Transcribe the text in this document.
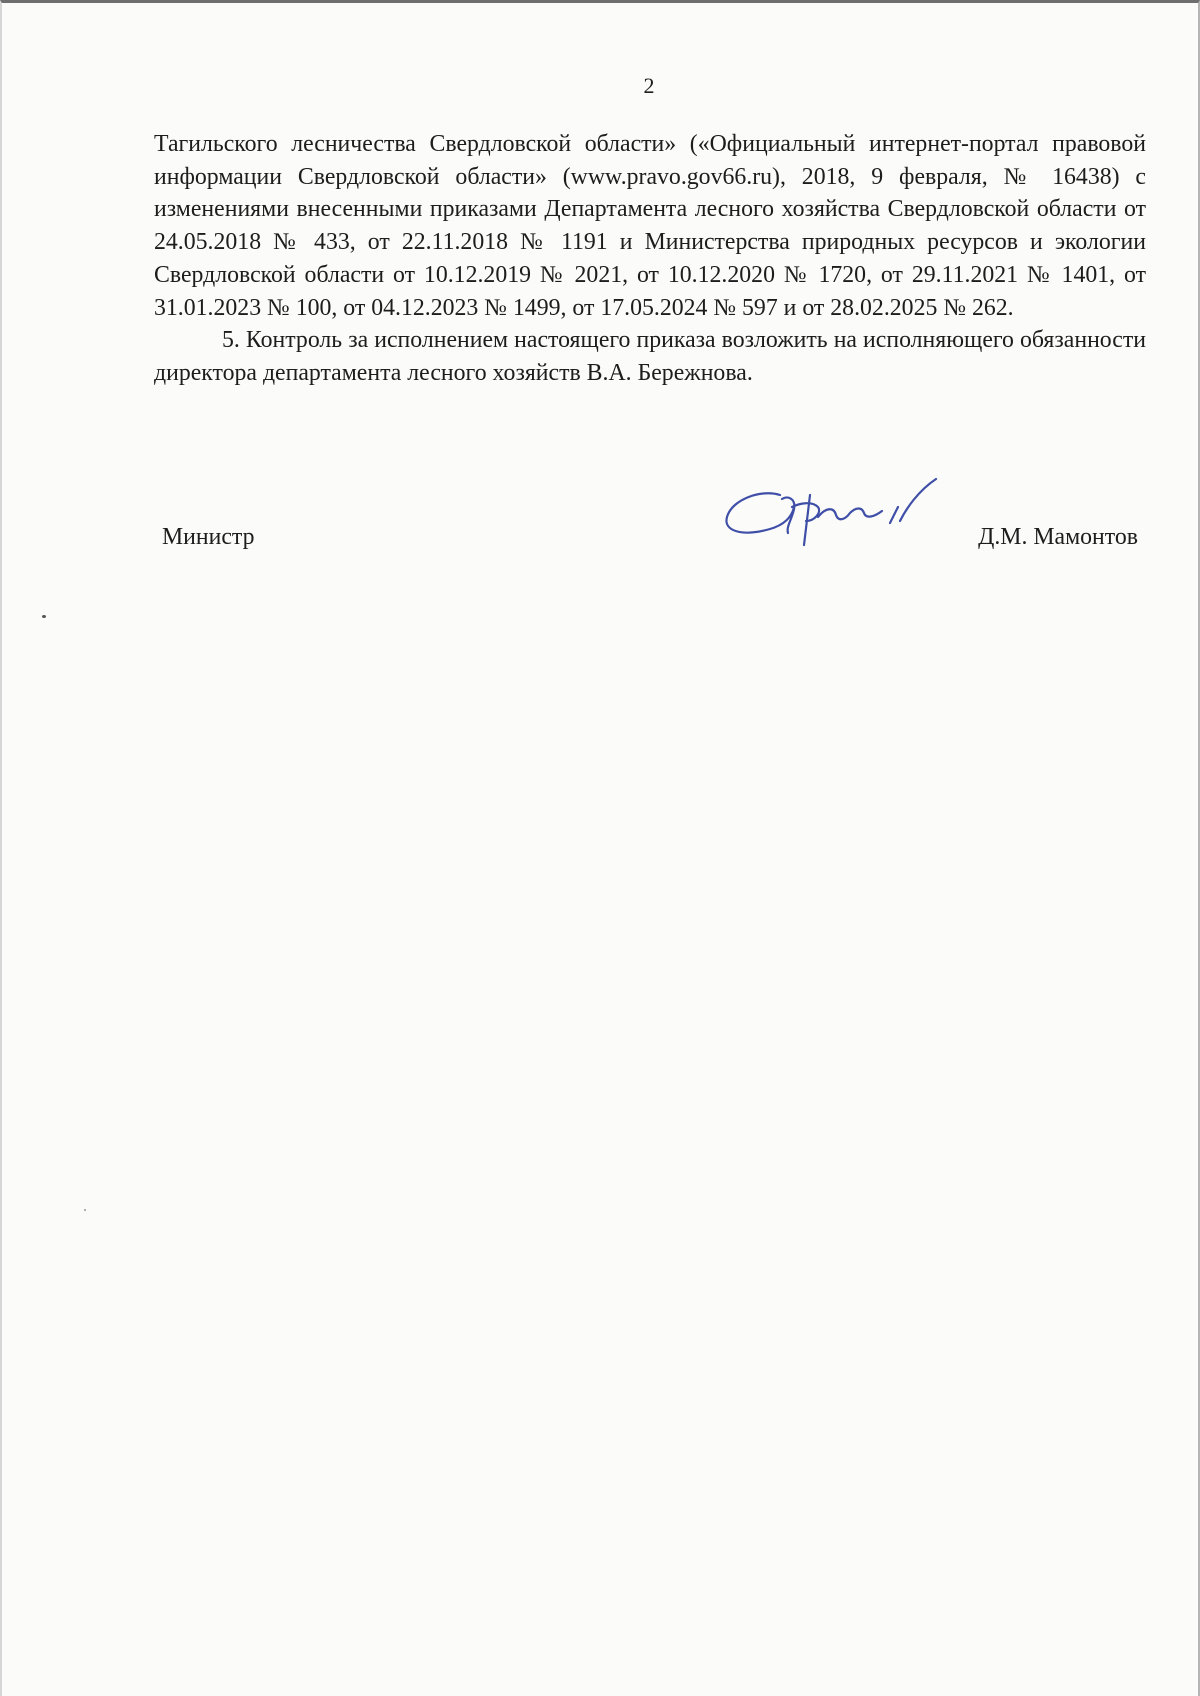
2

Тагильского лесничества Свердловской области» («Официальный интернет-портал правовой информации Свердловской области» (www.pravo.gov66.ru), 2018, 9 февраля, № 16438) с изменениями внесенными приказами Департамента лесного хозяйства Свердловской области от 24.05.2018 № 433, от 22.11.2018 № 1191 и Министерства природных ресурсов и экологии Свердловской области от 10.12.2019 № 2021, от 10.12.2020 № 1720, от 29.11.2021 № 1401, от 31.01.2023 № 100, от 04.12.2023 № 1499, от 17.05.2024 № 597 и от 28.02.2025 № 262.

5. Контроль за исполнением настоящего приказа возложить на исполняющего обязанности директора департамента лесного хозяйств В.А. Бережнова.

Министр	Д.М. Мамонтов
